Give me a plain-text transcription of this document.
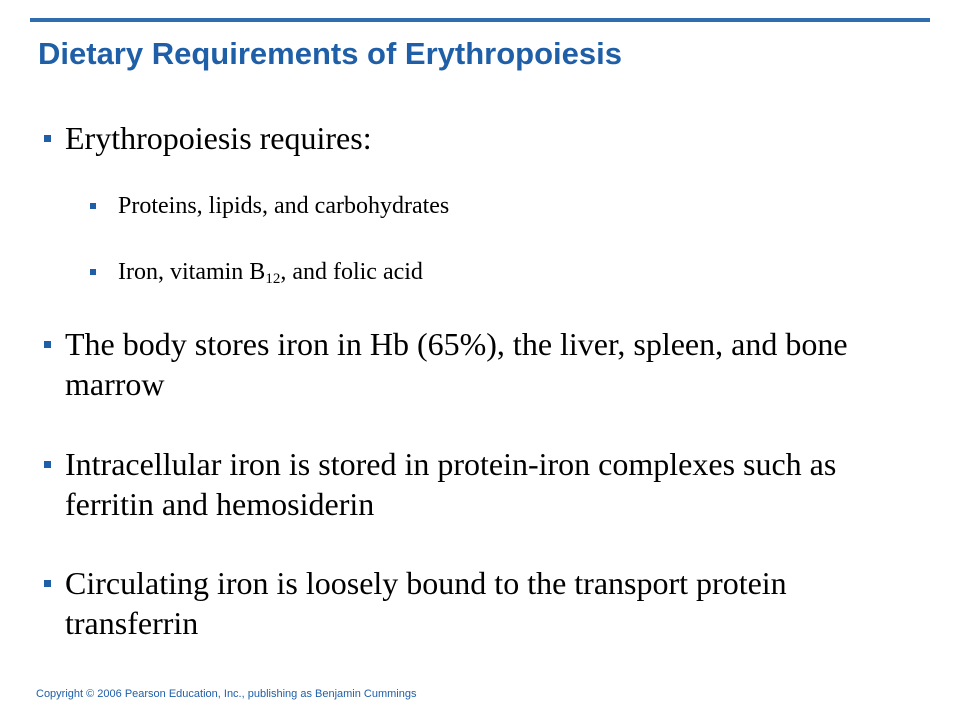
Dietary Requirements of Erythropoiesis
Erythropoiesis requires:
Proteins, lipids, and carbohydrates
Iron, vitamin B12, and folic acid
The body stores iron in Hb (65%), the liver, spleen, and bone marrow
Intracellular iron is stored in protein-iron complexes such as ferritin and hemosiderin
Circulating iron is loosely bound to the transport protein transferrin
Copyright © 2006 Pearson Education, Inc., publishing as Benjamin Cummings
